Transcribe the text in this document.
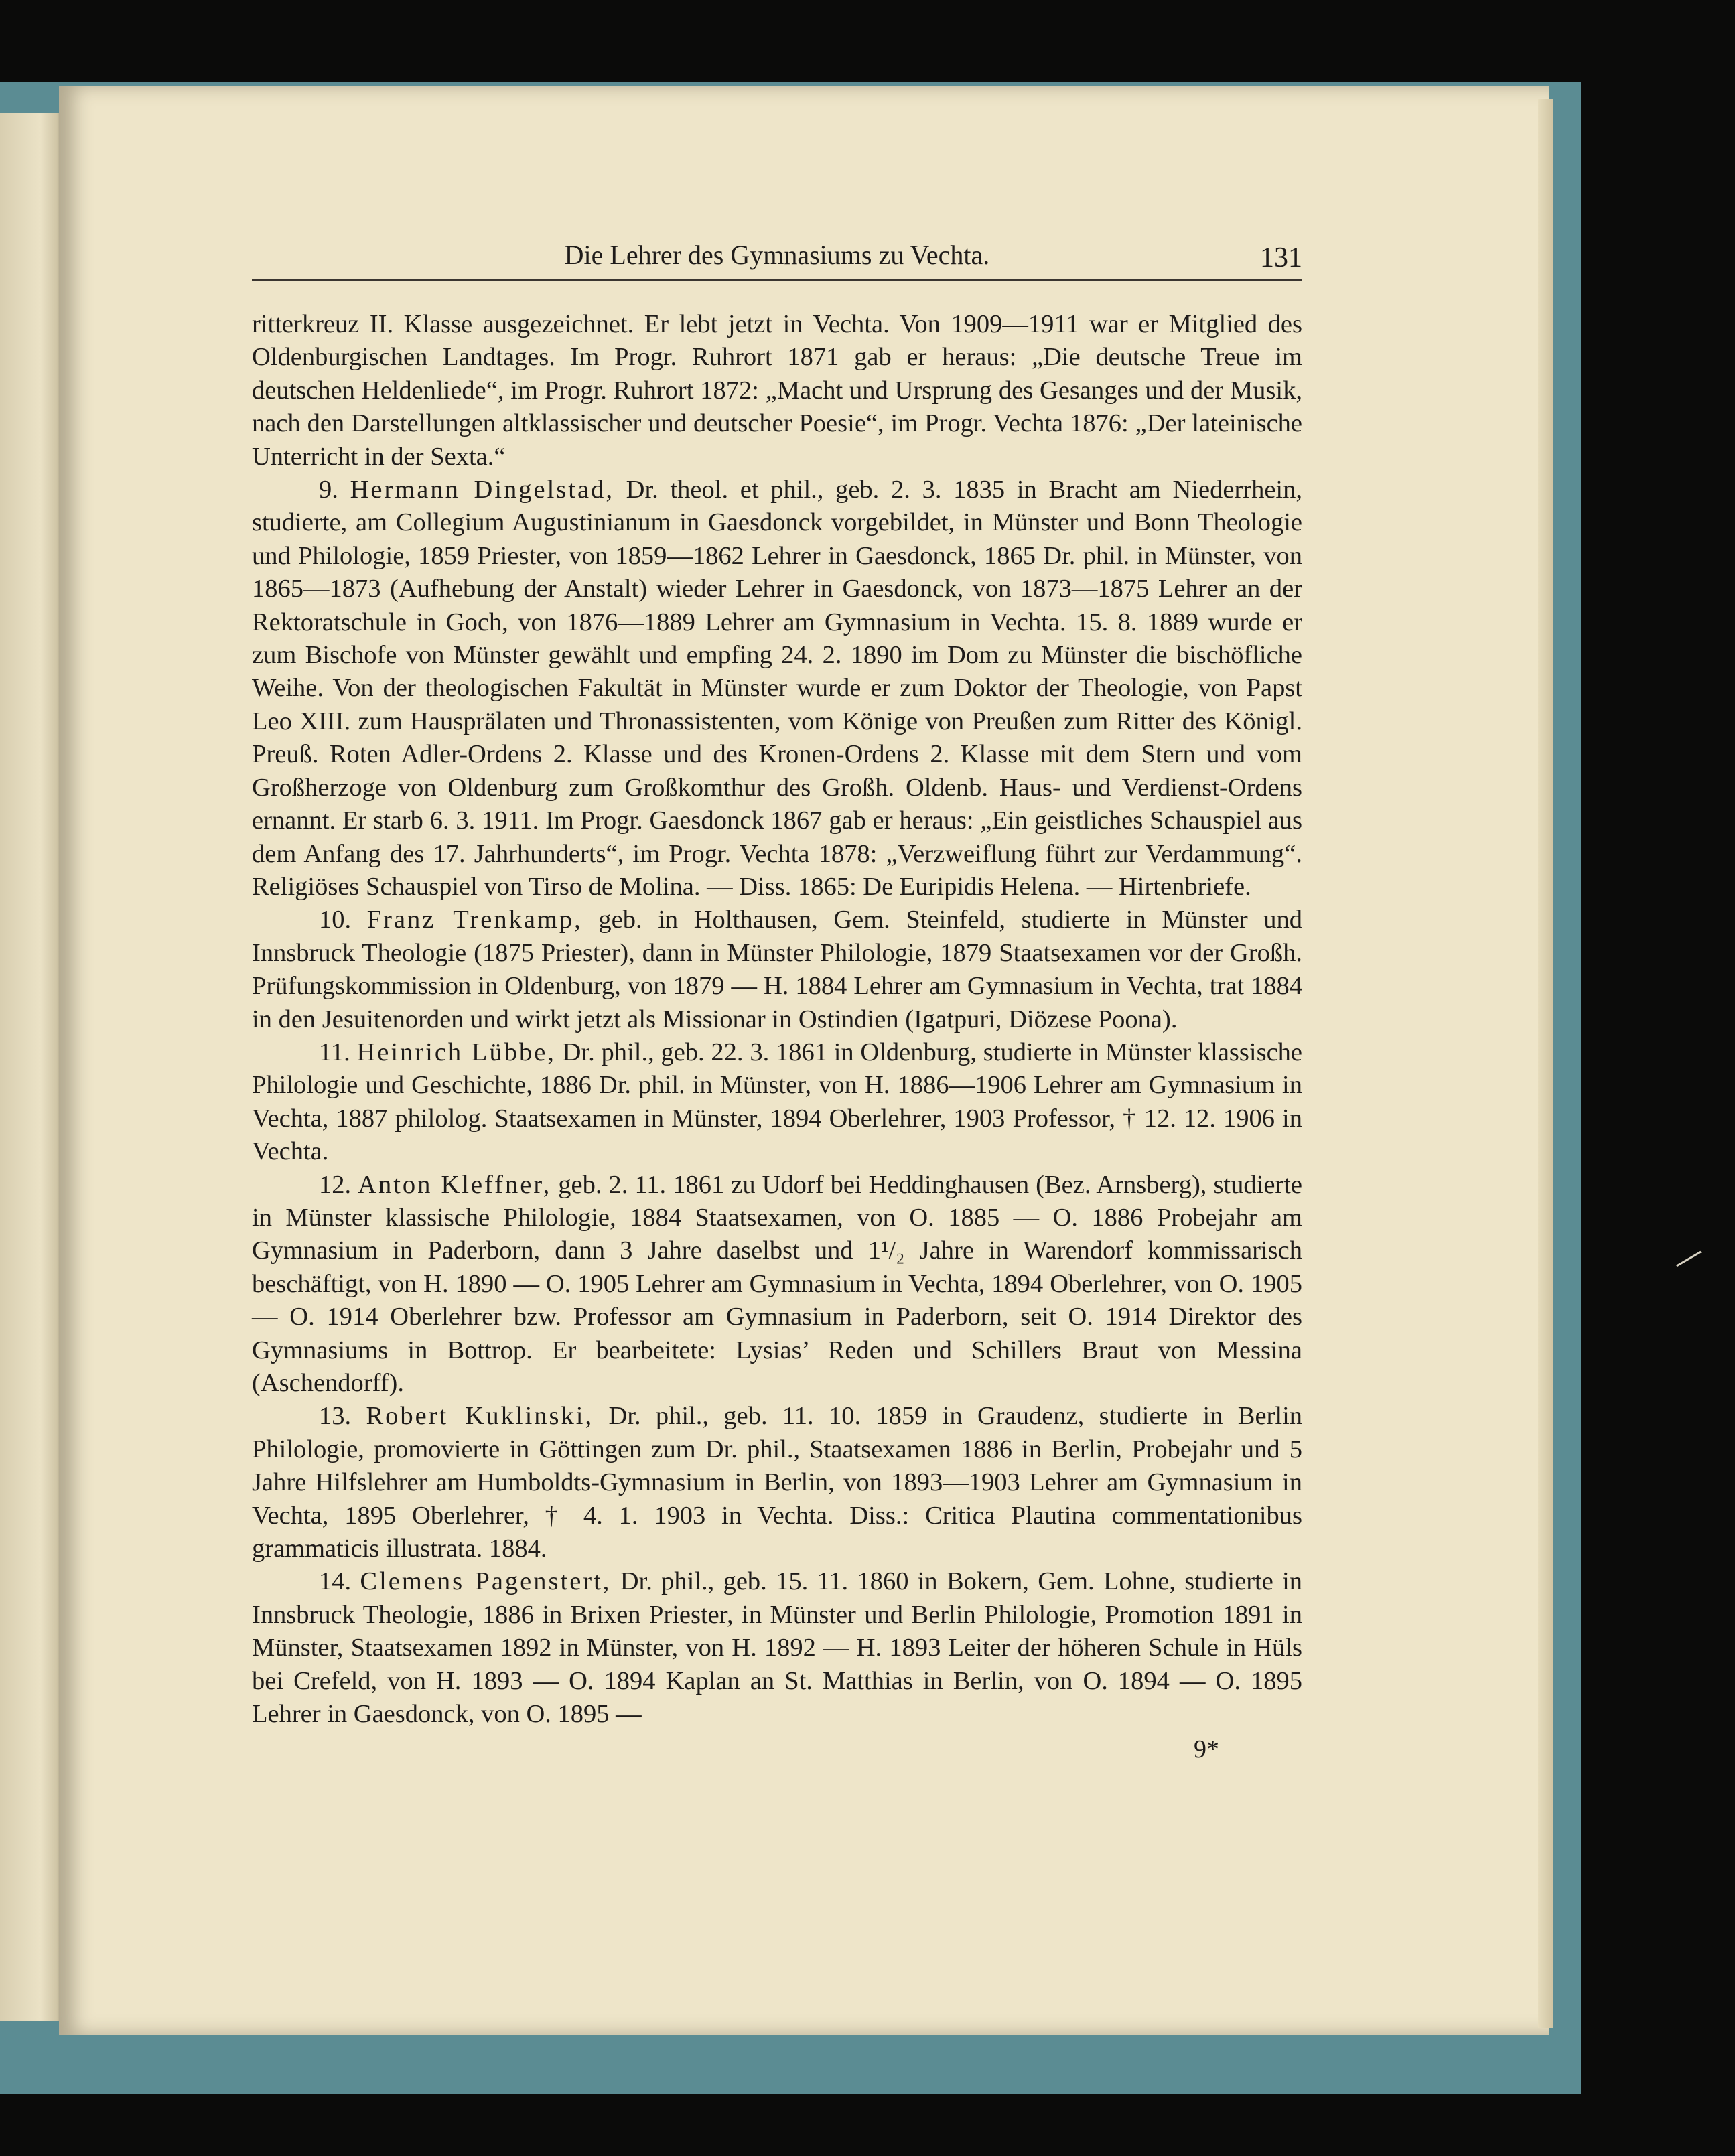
Die Lehrer des Gymnasiums zu Vechta.	131

ritterkreuz II. Klasse ausgezeichnet. Er lebt jetzt in Vechta. Von 1909—1911 war er Mitglied des Oldenburgischen Landtages. Im Progr. Ruhrort 1871 gab er heraus: „Die deutsche Treue im deutschen Heldenliede“, im Progr. Ruhrort 1872: „Macht und Ursprung des Gesanges und der Musik, nach den Darstellungen altklassischer und deutscher Poesie“, im Progr. Vechta 1876: „Der lateinische Unterricht in der Sexta.“

9. Hermann Dingelstad, Dr. theol. et phil., geb. 2. 3. 1835 in Bracht am Niederrhein, studierte, am Collegium Augustinianum in Gaesdonck vorgebildet, in Münster und Bonn Theologie und Philologie, 1859 Priester, von 1859—1862 Lehrer in Gaesdonck, 1865 Dr. phil. in Münster, von 1865—1873 (Aufhebung der Anstalt) wieder Lehrer in Gaesdonck, von 1873—1875 Lehrer an der Rektoratschule in Goch, von 1876—1889 Lehrer am Gymnasium in Vechta. 15. 8. 1889 wurde er zum Bischofe von Münster gewählt und empfing 24. 2. 1890 im Dom zu Münster die bischöfliche Weihe. Von der theologischen Fakultät in Münster wurde er zum Doktor der Theologie, von Papst Leo XIII. zum Hausprälaten und Thronassistenten, vom Könige von Preußen zum Ritter des Königl. Preuß. Roten Adler-Ordens 2. Klasse und des Kronen-Ordens 2. Klasse mit dem Stern und vom Großherzoge von Oldenburg zum Großkomthur des Großh. Oldenb. Haus- und Verdienst-Ordens ernannt. Er starb 6. 3. 1911. Im Progr. Gaesdonck 1867 gab er heraus: „Ein geistliches Schauspiel aus dem Anfang des 17. Jahrhunderts“, im Progr. Vechta 1878: „Verzweiflung führt zur Verdammung“. Religiöses Schauspiel von Tirso de Molina. — Diss. 1865: De Euripidis Helena. — Hirtenbriefe.

10. Franz Trenkamp, geb. in Holthausen, Gem. Steinfeld, studierte in Münster und Innsbruck Theologie (1875 Priester), dann in Münster Philologie, 1879 Staatsexamen vor der Großh. Prüfungskommission in Oldenburg, von 1879 — H. 1884 Lehrer am Gymnasium in Vechta, trat 1884 in den Jesuitenorden und wirkt jetzt als Missionar in Ostindien (Igatpuri, Diözese Poona).

11. Heinrich Lübbe, Dr. phil., geb. 22. 3. 1861 in Oldenburg, studierte in Münster klassische Philologie und Geschichte, 1886 Dr. phil. in Münster, von H. 1886—1906 Lehrer am Gymnasium in Vechta, 1887 philolog. Staatsexamen in Münster, 1894 Oberlehrer, 1903 Professor, † 12. 12. 1906 in Vechta.

12. Anton Kleffner, geb. 2. 11. 1861 zu Udorf bei Heddinghausen (Bez. Arnsberg), studierte in Münster klassische Philologie, 1884 Staatsexamen, von O. 1885 — O. 1886 Probejahr am Gymnasium in Paderborn, dann 3 Jahre daselbst und 1¹/₂ Jahre in Warendorf kommissarisch beschäftigt, von H. 1890 — O. 1905 Lehrer am Gymnasium in Vechta, 1894 Oberlehrer, von O. 1905 — O. 1914 Oberlehrer bzw. Professor am Gymnasium in Paderborn, seit O. 1914 Direktor des Gymnasiums in Bottrop. Er bearbeitete: Lysias’ Reden und Schillers Braut von Messina (Aschendorff).

13. Robert Kuklinski, Dr. phil., geb. 11. 10. 1859 in Graudenz, studierte in Berlin Philologie, promovierte in Göttingen zum Dr. phil., Staatsexamen 1886 in Berlin, Probejahr und 5 Jahre Hilfslehrer am Humboldts-Gymnasium in Berlin, von 1893—1903 Lehrer am Gymnasium in Vechta, 1895 Oberlehrer, † 4. 1. 1903 in Vechta. Diss.: Critica Plautina commentationibus grammaticis illustrata. 1884.

14. Clemens Pagenstert, Dr. phil., geb. 15. 11. 1860 in Bokern, Gem. Lohne, studierte in Innsbruck Theologie, 1886 in Brixen Priester, in Münster und Berlin Philologie, Promotion 1891 in Münster, Staatsexamen 1892 in Münster, von H. 1892 — H. 1893 Leiter der höheren Schule in Hüls bei Crefeld, von H. 1893 — O. 1894 Kaplan an St. Matthias in Berlin, von O. 1894 — O. 1895 Lehrer in Gaesdonck, von O. 1895 —

9*
